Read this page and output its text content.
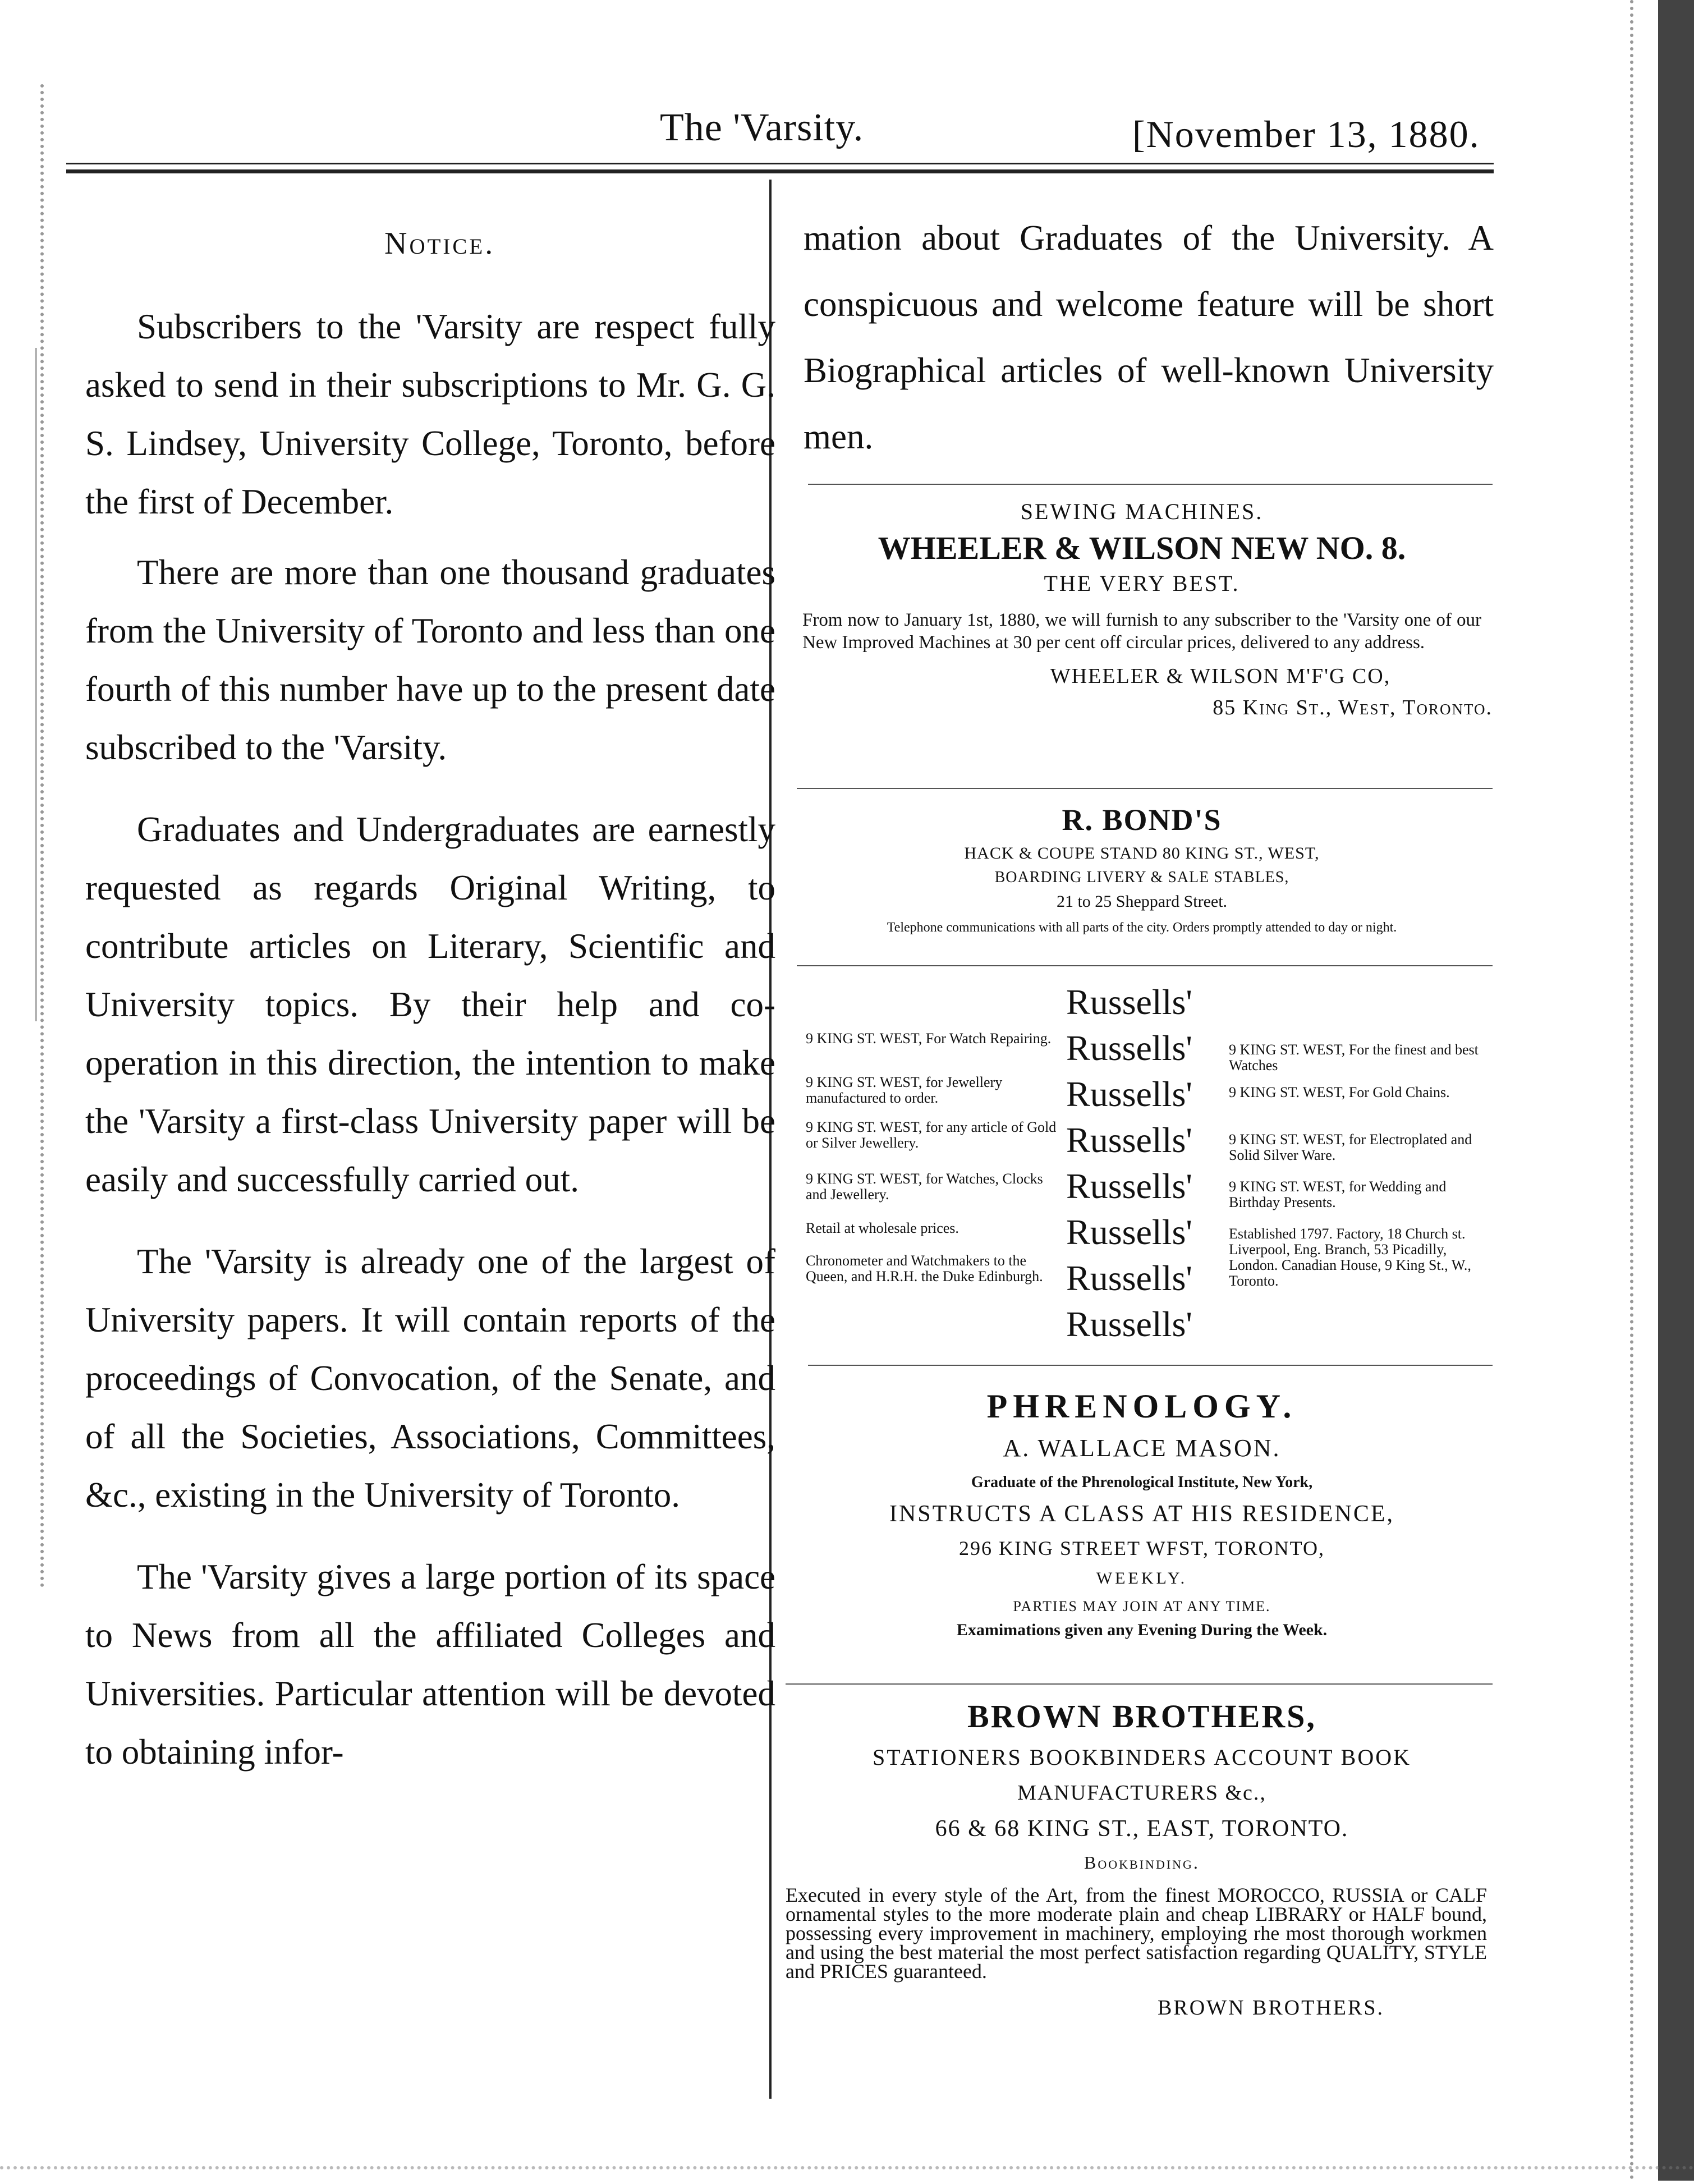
The 'Varsity.	[November 13, 1880.
Notice.

Subscribers to the 'Varsity are respect fully asked to send in their subscriptions to Mr. G. G. S. Lindsey, University College, Toronto, before the first of December.

There are more than one thousand graduates from the University of Toronto and less than one fourth of this number have up to the present date subscribed to the 'Varsity.

Graduates and Undergraduates are earnestly requested as regards Original Writing, to contribute articles on Literary, Scientific and University topics. By their help and co-operation in this direction, the intention to make the 'Varsity a first-class University paper will be easily and successfully carried out.

The 'Varsity is already one of the largest of University papers. It will contain reports of the proceedings of Convocation, of the Senate, and of all the Societies, Associations, Committees, &c., existing in the University of Toronto.

The 'Varsity gives a large portion of its space to News from all the affiliated Colleges and Universities. Particular attention will be devoted to obtaining infor-

mation about Graduates of the University. A conspicuous and welcome feature will be short Biographical articles of well-known University men.

SEWING MACHINES.
WHEELER & WILSON NEW NO. 8.
THE VERY BEST.
From now to January 1st, 1880, we will furnish to any subscriber to the 'Varsity one of our New Improved Machines at 30 per cent off circular prices, delivered to any address.
WHEELER & WILSON M'F'G CO,
85 King St., West, Toronto.
R. BOND'S
HACK & COUPE STAND 80 KING ST., WEST,
BOARDING LIVERY & SALE STABLES,
21 to 25 Sheppard Street.
Telephone communications with all parts of the city. Orders promptly attended to day or night.
Russells'
Russells'
Russells'
Russells'
Russells'
Russells'
Russells'
Russells'
9 KING ST. WEST, For Watch Repairing.
9 KING ST. WEST, for Jewellery manufactured to order.
9 KING ST. WEST, for any article of Gold or Silver Jewellery.
9 KING ST. WEST, for Watches, Clocks and Jewellery.
Retail at wholesale prices.
Chronometer and Watchmakers to the Queen, and H.R.H. the Duke Edinburgh.
9 KING ST. WEST, For the finest and best Watches
9 KING ST. WEST, For Gold Chains.
9 KING ST. WEST, for Electroplated and Solid Silver Ware.
9 KING ST. WEST, for Wedding and Birthday Presents.
Established 1797. Factory, 18 Church st. Liverpool, Eng. Branch, 53 Picadilly, London. Canadian House, 9 King St., W., Toronto.
PHRENOLOGY.
A. WALLACE MASON.
Graduate of the Phrenological Institute, New York,
INSTRUCTS A CLASS AT HIS RESIDENCE,
296 KING STREET WFST, TORONTO,
WEEKLY.
PARTIES MAY JOIN AT ANY TIME.
Examimations given any Evening During the Week.
BROWN BROTHERS,
STATIONERS BOOKBINDERS ACCOUNT BOOK
MANUFACTURERS &c.,
66 & 68 KING ST., EAST, TORONTO.
Bookbinding.
Executed in every style of the Art, from the finest MOROCCO, RUSSIA or CALF ornamental styles to the more moderate plain and cheap LIBRARY or HALF bound, possessing every improvement in machinery, employing rhe most thorough workmen and using the best material the most perfect satisfaction regarding QUALITY, STYLE and PRICES guaranteed.
BROWN BROTHERS.
